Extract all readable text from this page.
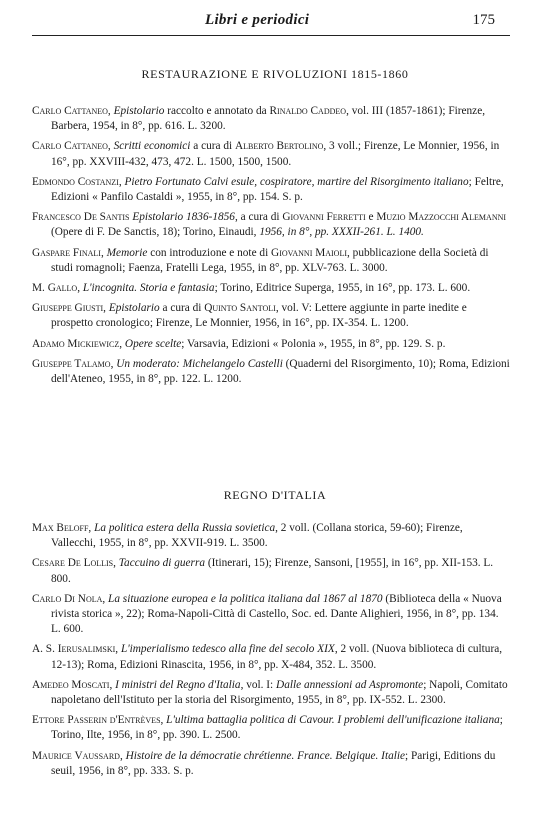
Libri e periodici	175
RESTAURAZIONE E RIVOLUZIONI 1815-1860
Carlo Cattaneo, Epistolario raccolto e annotato da Rinaldo Caddeo, vol. III (1857-1861); Firenze, Barbera, 1954, in 8°, pp. 616. L. 3200.
Carlo Cattaneo, Scritti economici a cura di Alberto Bertolino, 3 voll.; Firenze, Le Monnier, 1956, in 16°, pp. XXVIII-432, 473, 472. L. 1500, 1500, 1500.
Edmondo Costanzi, Pietro Fortunato Calvi esule, cospiratore, martire del Risorgimento italiano; Feltre, Edizioni « Panfilo Castaldi », 1955, in 8°, pp. 154. S. p.
Francesco De Santis Epistolario 1836-1856, a cura di Giovanni Ferretti e Muzio Mazzocchi Alemanni (Opere di F. De Sanctis, 18); Torino, Einaudi, 1956, in 8°, pp. XXXII-261. L. 1400.
Gaspare Finali, Memorie con introduzione e note di Giovanni Maioli, pubblicazione della Società di studi romagnoli; Faenza, Fratelli Lega, 1955, in 8°, pp. XLV-763. L. 3000.
M. Gallo, L'incognita. Storia e fantasia; Torino, Editrice Superga, 1955, in 16°, pp. 173. L. 600.
Giuseppe Giusti, Epistolario a cura di Quinto Santoli, vol. V: Lettere aggiunte in parte inedite e prospetto cronologico; Firenze, Le Monnier, 1956, in 16°, pp. IX-354. L. 1200.
Adamo Mickiewicz, Opere scelte; Varsavia, Edizioni « Polonia », 1955, in 8°, pp. 129. S. p.
Giuseppe Talamo, Un moderato: Michelangelo Castelli (Quaderni del Risorgimento, 10); Roma, Edizioni dell'Ateneo, 1955, in 8°, pp. 122. L. 1200.
REGNO D'ITALIA
Max Beloff, La politica estera della Russia sovietica, 2 voll. (Collana storica, 59-60); Firenze, Vallecchi, 1955, in 8°, pp. XXVII-919. L. 3500.
Cesare De Lollis, Taccuino di guerra (Itinerari, 15); Firenze, Sansoni, [1955], in 16°, pp. XII-153. L. 800.
Carlo Di Nola, La situazione europea e la politica italiana dal 1867 al 1870 (Biblioteca della « Nuova rivista storica », 22); Roma-Napoli-Città di Castello, Soc. ed. Dante Alighieri, 1956, in 8°, pp. 134. L. 600.
A. S. Ierusalimski, L'imperialismo tedesco alla fine del secolo XIX, 2 voll. (Nuova biblioteca di cultura, 12-13); Roma, Edizioni Rinascita, 1956, in 8°, pp. X-484, 352. L. 3500.
Amedeo Moscati, I ministri del Regno d'Italia, vol. I: Dalle annessioni ad Aspromonte; Napoli, Comitato napoletano dell'Istituto per la storia del Risorgimento, 1955, in 8°, pp. IX-552. L. 2300.
Ettore Passerin d'Entrèves, L'ultima battaglia politica di Cavour. I problemi dell'unificazione italiana; Torino, Ilte, 1956, in 8°, pp. 390. L. 2500.
Maurice Vaussard, Histoire de la démocratie chrétienne. France. Belgique. Italie; Parigi, Editions du seuil, 1956, in 8°, pp. 333. S. p.
